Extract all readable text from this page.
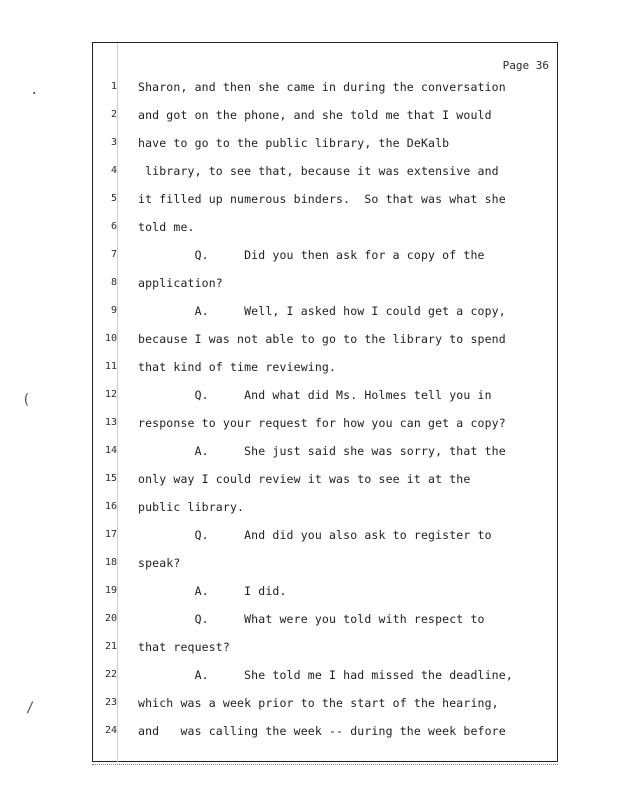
·
(
/
Page 36
1 Sharon, and then she came in during the conversation
2 and got on the phone, and she told me that I would
3 have to go to the public library, the DeKalb
4 library, to see that, because it was extensive and
5 it filled up numerous binders.  So that was what she
6 told me.
7 Q.     Did you then ask for a copy of the
8 application?
9 A.     Well, I asked how I could get a copy,
10 because I was not able to go to the library to spend
11 that kind of time reviewing.
12 Q.     And what did Ms. Holmes tell you in
13 response to your request for how you can get a copy?
14 A.     She just said she was sorry, that the
15 only way I could review it was to see it at the
16 public library.
17 Q.     And did you also ask to register to
18 speak?
19 A.     I did.
20 Q.     What were you told with respect to
21 that request?
22 A.     She told me I had missed the deadline,
23 which was a week prior to the start of the hearing,
24 and   was calling the week -- during the week before
